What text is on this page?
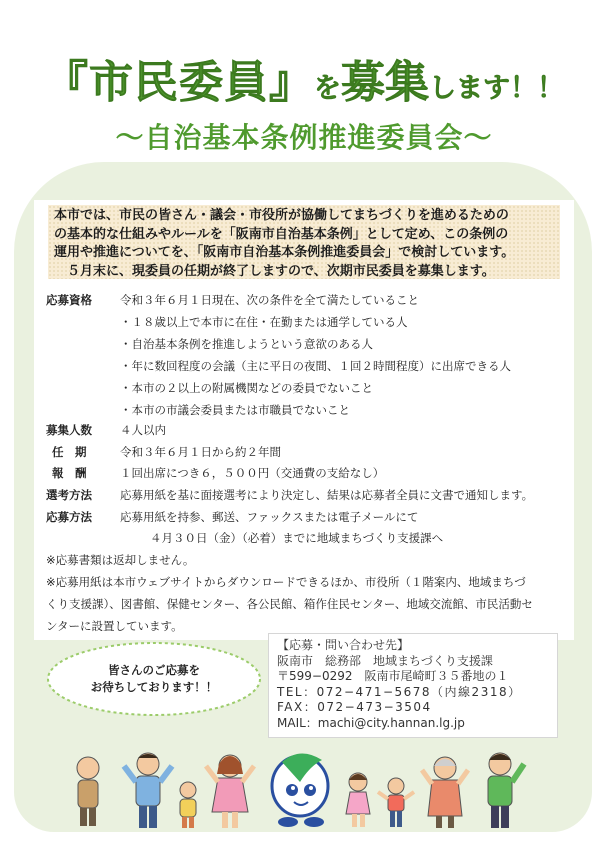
『市民委員』を募集します！！
〜自治基本条例推進委員会〜

本市では、市民の皆さん・議会・市役所が協働してまちづくりを進めるための

の基本的な仕組みやルールを「阪南市自治基本条例」として定め、この条例の

運用や推進についてを、「阪南市自治基本条例推進委員会」で検討しています。

５月末に、現委員の任期が終了しますので、次期市民委員を募集します。

応募資格 令和３年６月１日現在、次の条件を全て満たしていること
・１８歳以上で本市に在住・在勤または通学している人
・自治基本条例を推進しようという意欲のある人
・年に数回程度の会議（主に平日の夜間、１回２時間程度）に出席できる人
・本市の２以上の附属機関などの委員でないこと
・本市の市議会委員または市職員でないこと
募集人数 ４人以内
任　期	令和３年６月１日から約２年間
報　酬	１回出席につき６，５００円（交通費の支給なし）
選考方法 応募用紙を基に面接選考により決定し、結果は応募者全員に文書で通知します。
応募方法 応募用紙を持参、郵送、ファックスまたは電子メールにて
４月３０日（金）（必着）までに地域まちづくり支援課へ
※応募書類は返却しません。
※応募用紙は本市ウェブサイトからダウンロードできるほか、市役所（１階案内、地域まちづ
くり支援課）、図書館、保健センター、各公民館、箱作住民センター、地域交流館、市民活動セ
ンターに設置しています。
皆さんのご応募を
お待ちしております！！
【応募・問い合わせ先】
阪南市　総務部　地域まちづくり支援課
〒599−0292　阪南市尾崎町３５番地の１
TEL：072−471−5678（内線2318）
FAX：072−473−3504
MAIL：machi@city.hannan.lg.jp
